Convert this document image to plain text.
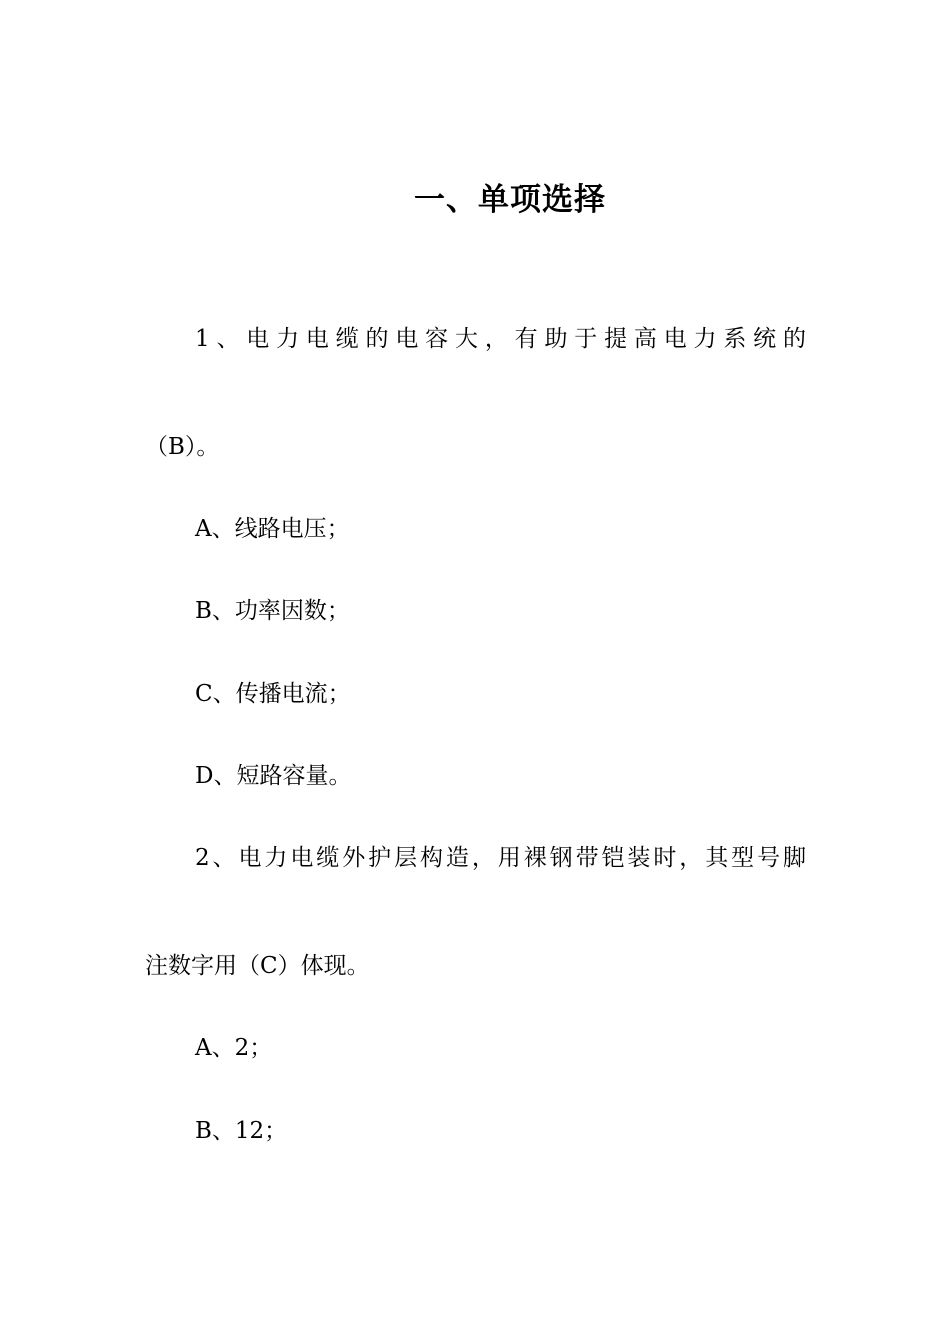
一、单项选择
1、电力电缆的电容大，有助于提高电力系统的
（B）。
A、线路电压；
B、功率因数；
C、传播电流；
D、短路容量。
2、电力电缆外护层构造，用裸钢带铠装时，其型号脚
注数字用（C）体现。
A、2；
B、12；
